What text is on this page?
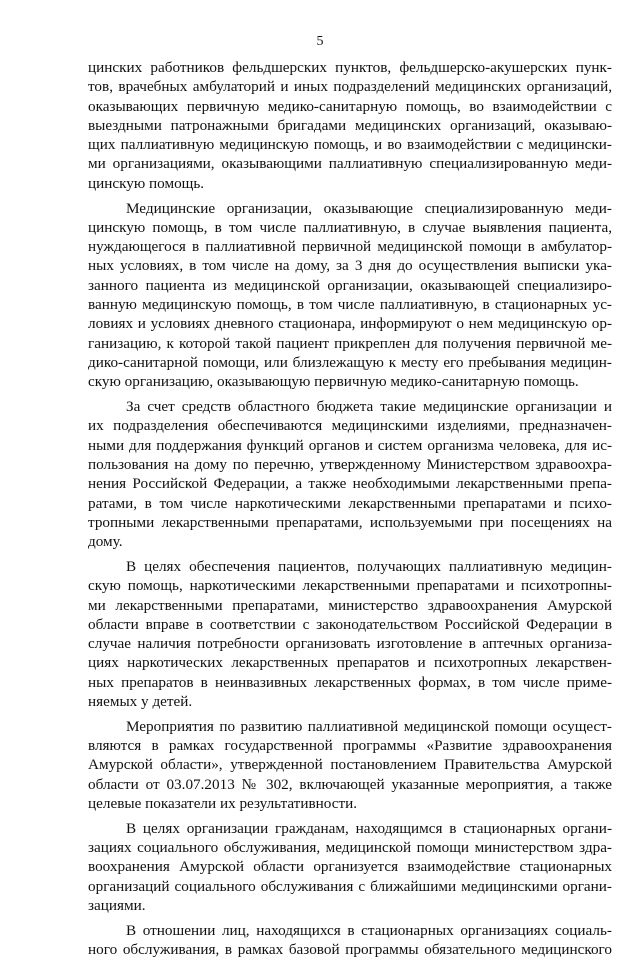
5
цинских работников фельдшерских пунктов, фельдшерско-акушерских пунк-
тов, врачебных амбулаторий и иных подразделений медицинских организаций,
оказывающих первичную медико-санитарную помощь, во взаимодействии с
выездными патронажными бригадами медицинских организаций, оказываю-
щих паллиативную медицинскую помощь, и во взаимодействии с медицински-
ми организациями, оказывающими паллиативную специализированную меди-
цинскую помощь.
Медицинские организации, оказывающие специализированную меди-
цинскую помощь, в том числе паллиативную, в случае выявления пациента,
нуждающегося в паллиативной первичной медицинской помощи в амбулатор-
ных условиях, в том числе на дому, за 3 дня до осуществления выписки ука-
занного пациента из медицинской организации, оказывающей специализиро-
ванную медицинскую помощь, в том числе паллиативную, в стационарных ус-
ловиях и условиях дневного стационара, информируют о нем медицинскую ор-
ганизацию, к которой такой пациент прикреплен для получения первичной ме-
дико-санитарной помощи, или близлежащую к месту его пребывания медицин-
скую организацию, оказывающую первичную медико-санитарную помощь.
За счет средств областного бюджета такие медицинские организации и
их подразделения обеспечиваются медицинскими изделиями, предназначен-
ными для поддержания функций органов и систем организма человека, для ис-
пользования на дому по перечню, утвержденному Министерством здравоохра-
нения Российской Федерации, а также необходимыми лекарственными препа-
ратами, в том числе наркотическими лекарственными препаратами и психо-
тропными лекарственными препаратами, используемыми при посещениях на
дому.
В целях обеспечения пациентов, получающих паллиативную медицин-
скую помощь, наркотическими лекарственными препаратами и психотропны-
ми лекарственными препаратами, министерство здравоохранения Амурской
области вправе в соответствии с законодательством Российской Федерации в
случае наличия потребности организовать изготовление в аптечных организа-
циях наркотических лекарственных препаратов и психотропных лекарствен-
ных препаратов в неинвазивных лекарственных формах, в том числе приме-
няемых у детей.
Мероприятия по развитию паллиативной медицинской помощи осущест-
вляются в рамках государственной программы «Развитие здравоохранения
Амурской области», утвержденной постановлением Правительства Амурской
области от 03.07.2013 № 302, включающей указанные мероприятия, а также
целевые показатели их результативности.
В целях организации гражданам, находящимся в стационарных органи-
зациях социального обслуживания, медицинской помощи министерством здра-
воохранения Амурской области организуется взаимодействие стационарных
организаций социального обслуживания с ближайшими медицинскими органи-
зациями.
В отношении лиц, находящихся в стационарных организациях социаль-
ного обслуживания, в рамках базовой программы обязательного медицинского
